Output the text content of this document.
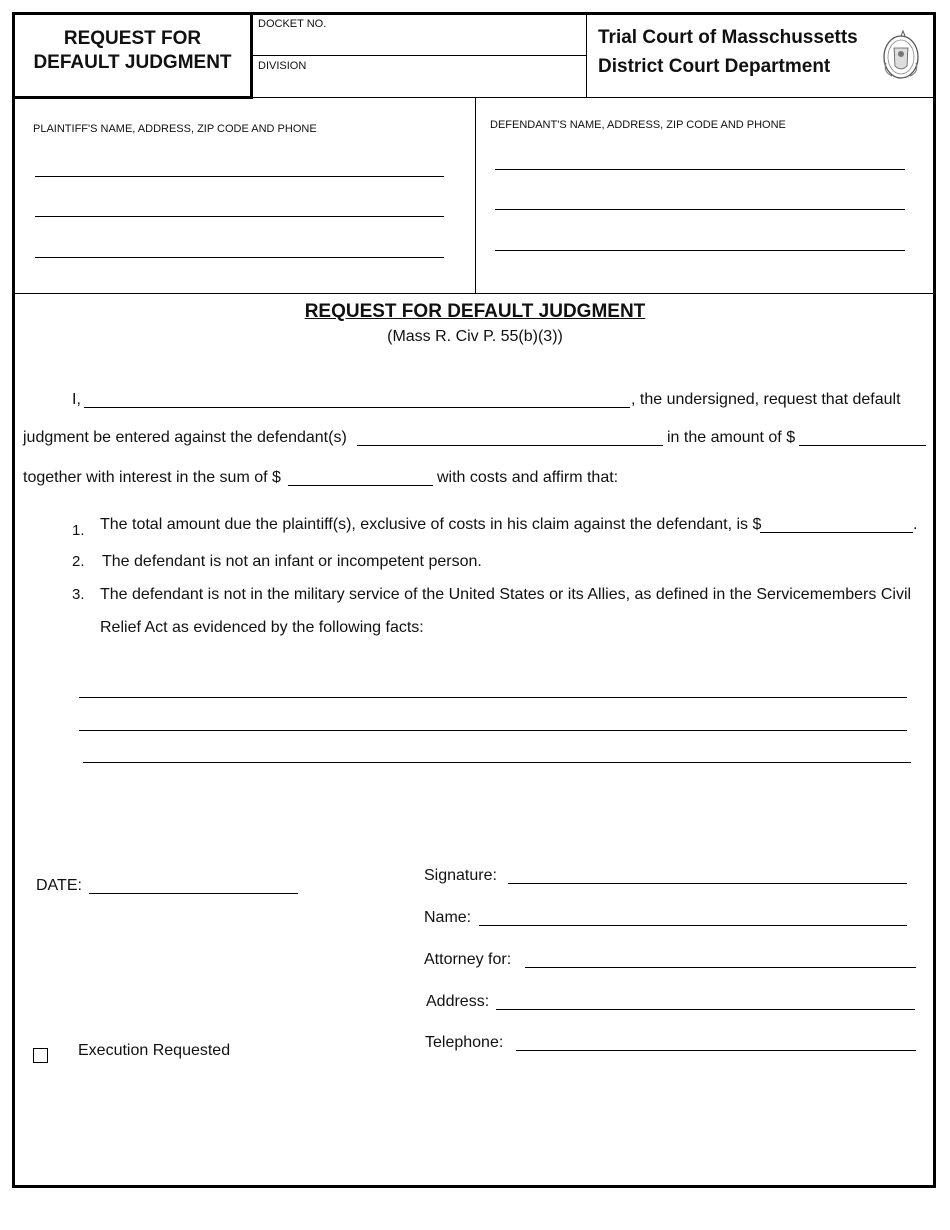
REQUEST FOR
DEFAULT JUDGMENT
DOCKET NO.
DIVISION
Trial Court of Masschussetts
District Court Department
PLAINTIFF'S NAME, ADDRESS, ZIP CODE AND PHONE	DEFENDANT'S NAME, ADDRESS, ZIP CODE AND PHONE
REQUEST FOR DEFAULT JUDGMENT
(Mass R. Civ P. 55(b)(3))
I,	, the undersigned, request that default
judgment be entered against the defendant(s)	in the amount of $
together with interest in the sum of $	with costs and affirm that:
1. The total amount due the plaintiff(s), exclusive of costs in his claim against the defendant, is $	.
2. The defendant is not an infant or incompetent person.
3. The defendant is not in the military service of the United States or its Allies, as defined in the Servicemembers Civil
Relief Act as evidenced by the following facts:
DATE:
Execution Requested
Signature:
Name:
Attorney for:
Address:
Telephone:
